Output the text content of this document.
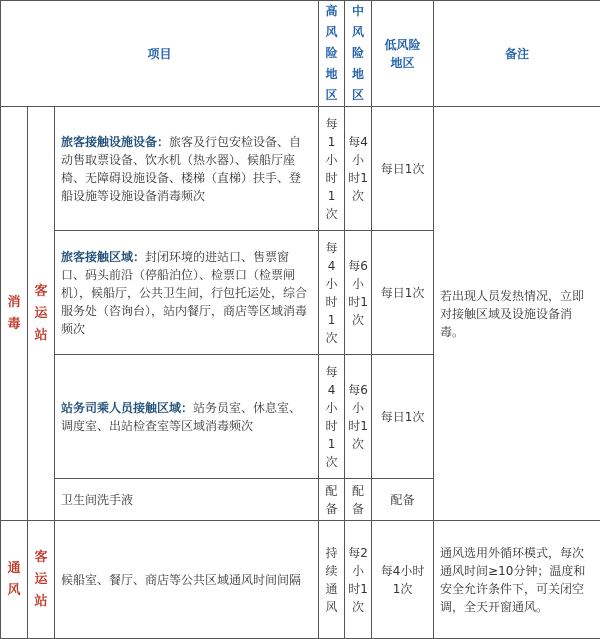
项目			高风险地区	中风险地区	低风险地区	备注
消毒	客运站	旅客接触设施设备：旅客及行包安检设备、自动售取票设备、饮水机（热水器）、候船厅座椅、无障碍设施设备、楼梯（直梯）扶手、登船设施等设施设备消毒频次	每1小时1次	每4小时1次	每日1次	若出现人员发热情况，立即对接触区域及设施设备消毒。
		旅客接触区域：封闭环境的进站口、售票窗口、码头前沿（停船泊位）、检票口（检票闸机），候船厅，公共卫生间，行包托运处，综合服务处（咨询台），站内餐厅，商店等区域消毒频次	每4小时1次	每6小时1次	每日1次	
		站务司乘人员接触区域：站务员室、休息室、调度室、出站检查室等区域消毒频次	每4小时1次	每6小时1次	每日1次	
		卫生间洗手液	配备	配备	配备	
通风	客运站	候船室、餐厅、商店等公共区域通风时间间隔	持续通风	每2小时1次	每4小时1次	通风选用外循环模式，每次通风时间≥10分钟；温度和安全允许条件下，可关闭空调，全天开窗通风。
